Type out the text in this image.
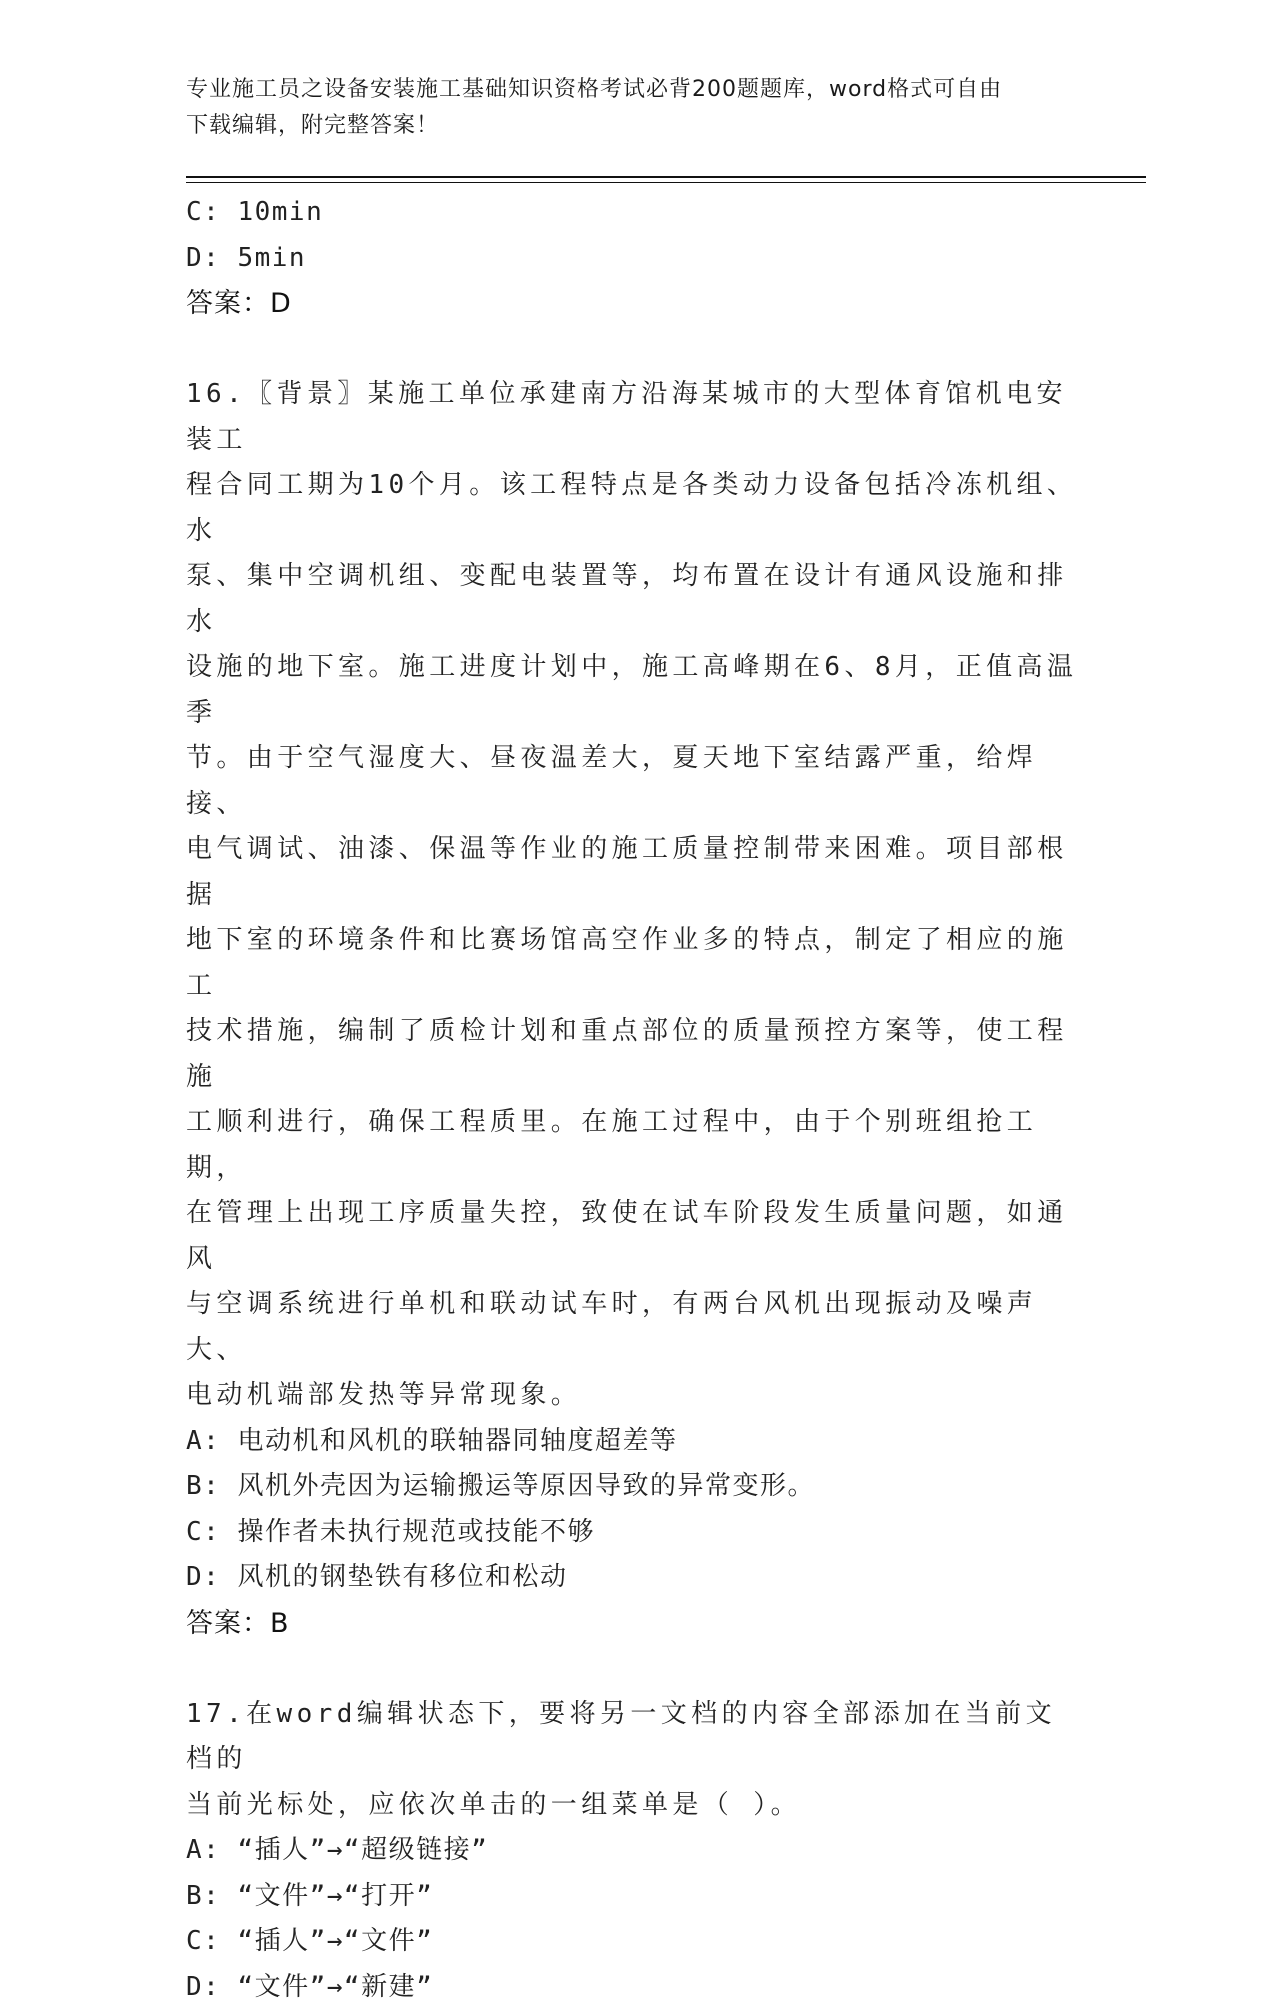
专业施工员之设备安装施工基础知识资格考试必背200题题库，word格式可自由
下载编辑，附完整答案！
C: 10min
D: 5min
答案：D
16.〖背景〗某施工单位承建南方沿海某城市的大型体育馆机电安装工
程合同工期为10个月。该工程特点是各类动力设备包括冷冻机组、水
泵、集中空调机组、变配电装置等，均布置在设计有通风设施和排水
设施的地下室。施工进度计划中，施工高峰期在6、8月，正值高温季
节。由于空气湿度大、昼夜温差大，夏天地下室结露严重，给焊接、
电气调试、油漆、保温等作业的施工质量控制带来困难。项目部根据
地下室的环境条件和比赛场馆高空作业多的特点，制定了相应的施工
技术措施，编制了质检计划和重点部位的质量预控方案等，使工程施
工顺利进行，确保工程质里。在施工过程中，由于个别班组抢工期，
在管理上出现工序质量失控，致使在试车阶段发生质量问题，如通风
与空调系统进行单机和联动试车时，有两台风机出现振动及噪声大、
电动机端部发热等异常现象。
A: 电动机和风机的联轴器同轴度超差等
B: 风机外壳因为运输搬运等原因导致的异常变形。
C: 操作者未执行规范或技能不够
D: 风机的钢垫铁有移位和松动
答案：B
17.在word编辑状态下，要将另一文档的内容全部添加在当前文档的
当前光标处，应依次单击的一组菜单是（ ）。
A: “插人”→“超级链接”
B: “文件”→“打开”
C: “插人”→“文件”
D: “文件”→“新建”
